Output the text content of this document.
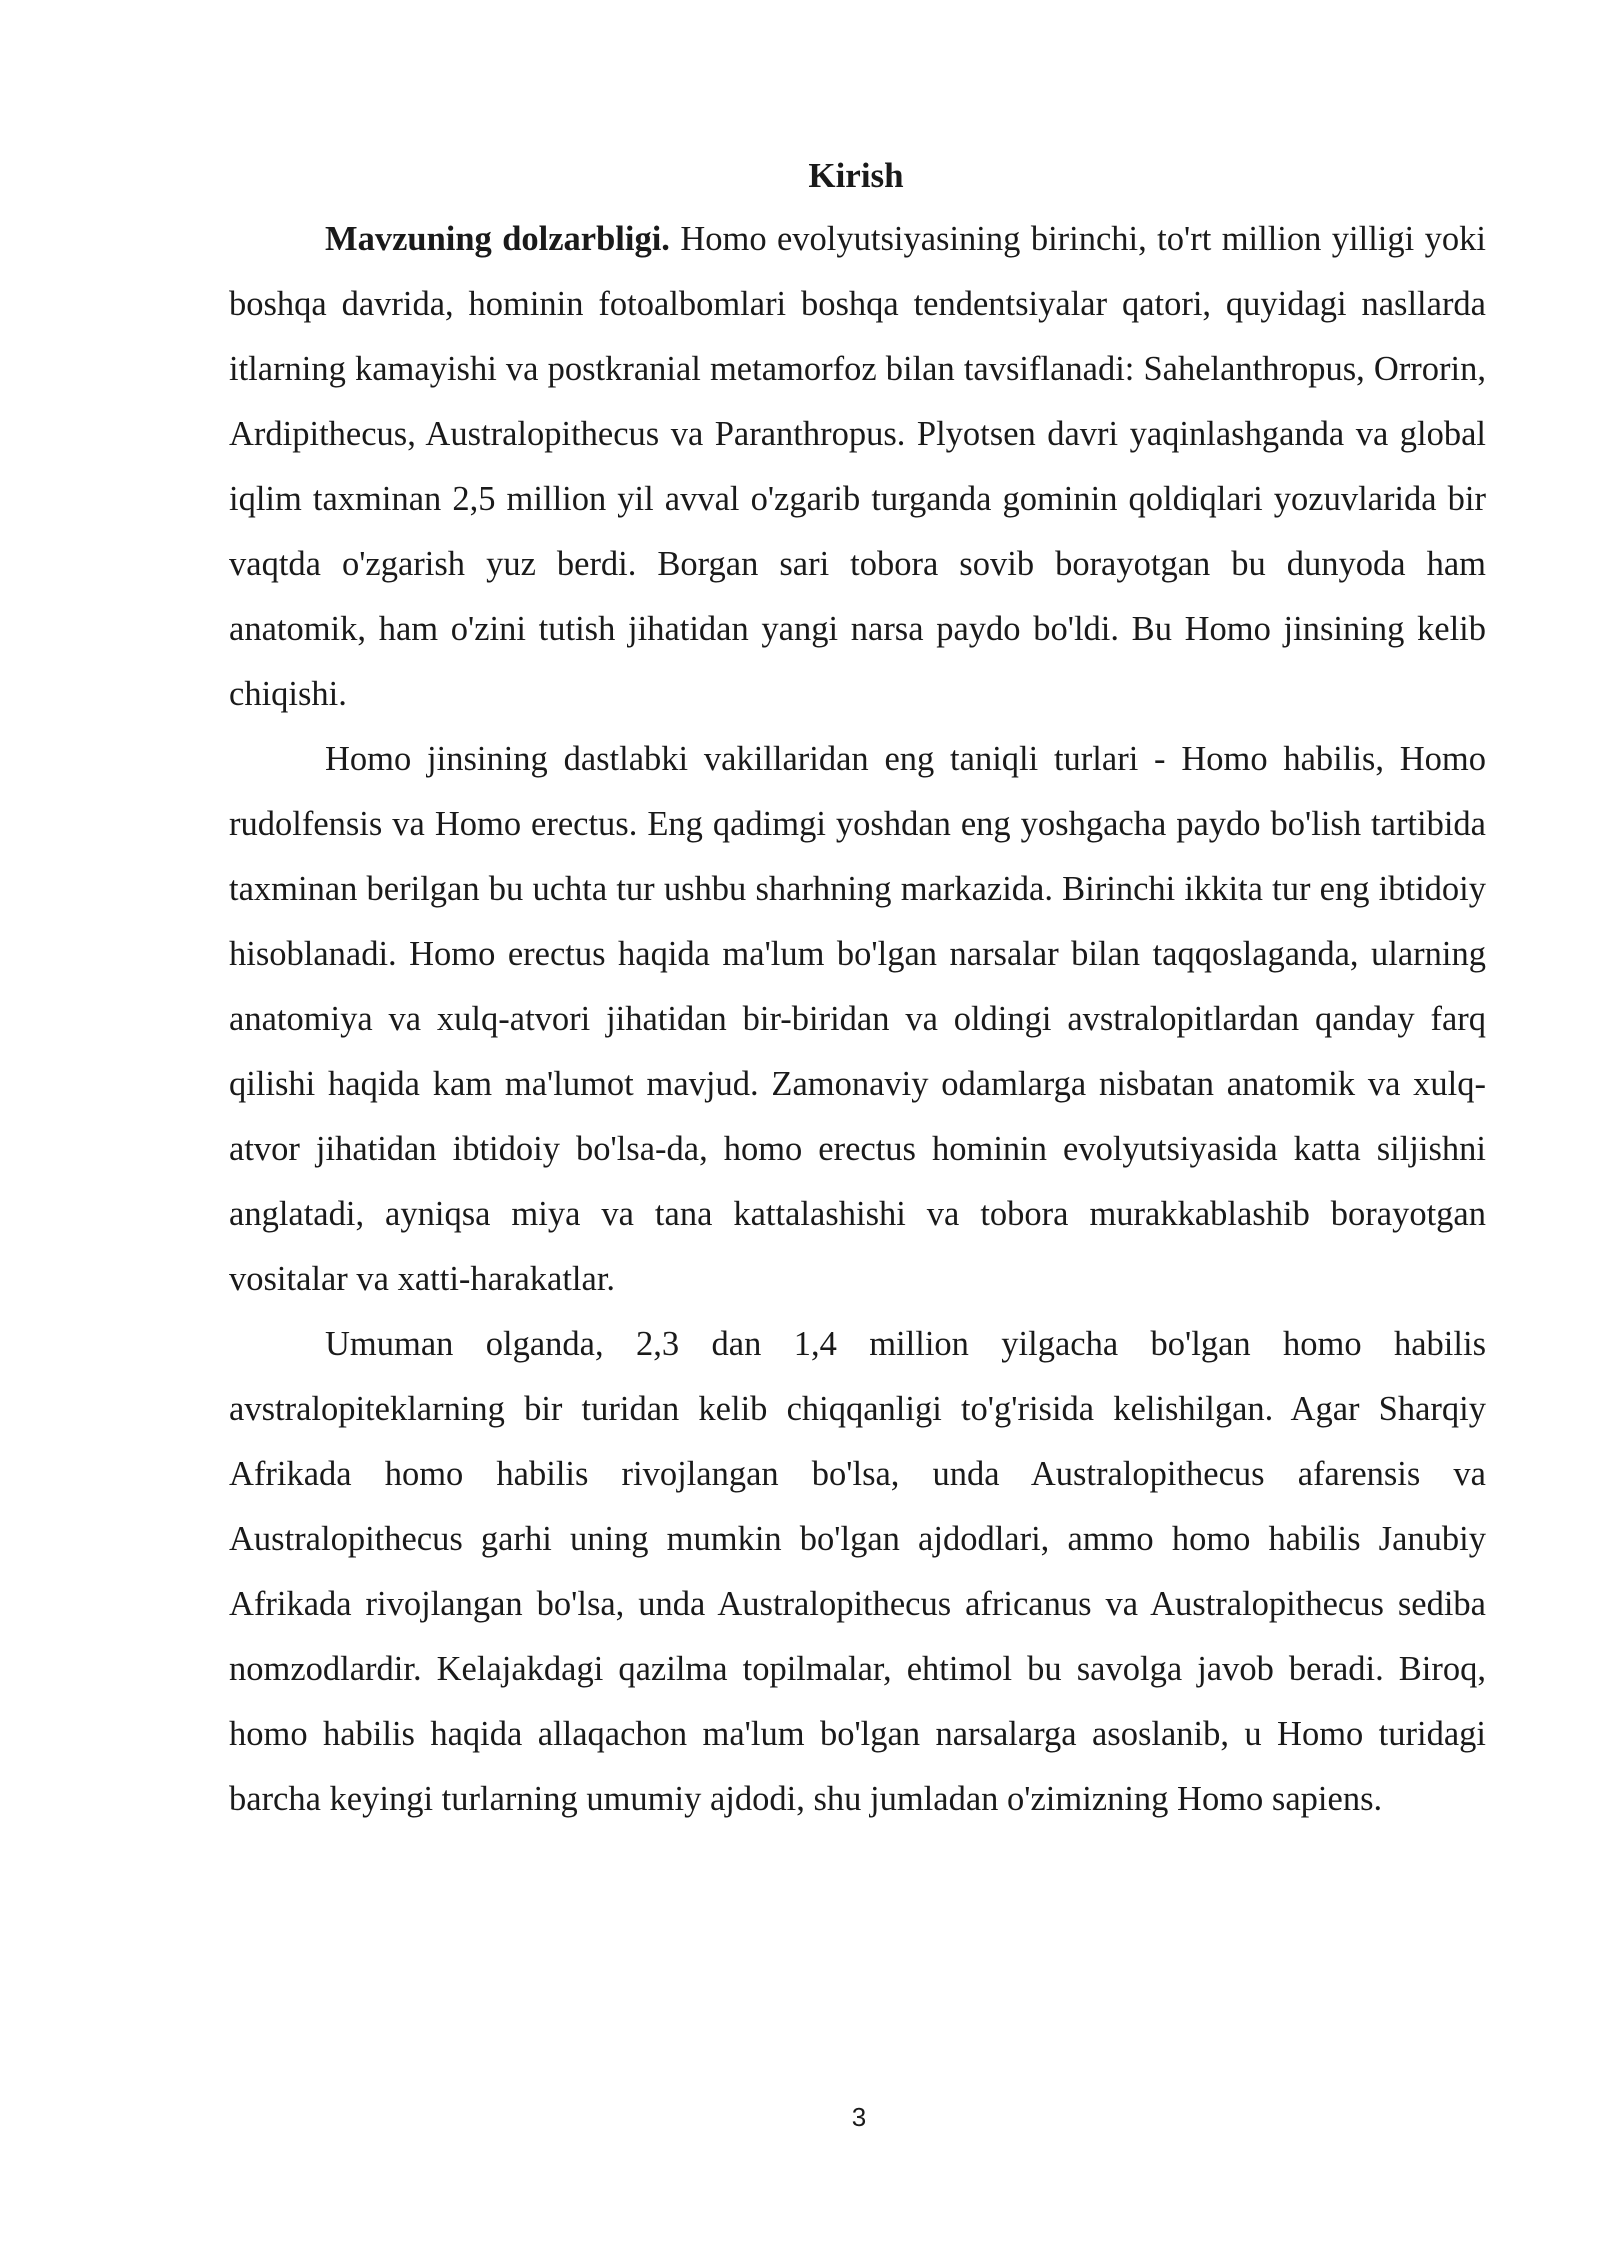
Kirish

Mavzuning dolzarbligi. Homo evolyutsiyasining birinchi, to'rt million yilligi yoki boshqa davrida, hominin fotoalbomlari boshqa tendentsiyalar qatori, quyidagi nasllarda itlarning kamayishi va postkranial metamorfoz bilan tavsiflanadi: Sahelanthropus, Orrorin, Ardipithecus, Australopithecus va Paranthropus. Plyotsen davri yaqinlashganda va global iqlim taxminan 2,5 million yil avval o'zgarib turganda gominin qoldiqlari yozuvlarida bir vaqtda o'zgarish yuz berdi. Borgan sari tobora sovib borayotgan bu dunyoda ham anatomik, ham o'zini tutish jihatidan yangi narsa paydo bo'ldi. Bu Homo jinsining kelib chiqishi.

Homo jinsining dastlabki vakillaridan eng taniqli turlari - Homo habilis, Homo rudolfensis va Homo erectus. Eng qadimgi yoshdan eng yoshgacha paydo bo'lish tartibida taxminan berilgan bu uchta tur ushbu sharhning markazida. Birinchi ikkita tur eng ibtidoiy hisoblanadi. Homo erectus haqida ma'lum bo'lgan narsalar bilan taqqoslaganda, ularning anatomiya va xulq-atvori jihatidan bir-biridan va oldingi avstralopitlardan qanday farq qilishi haqida kam ma'lumot mavjud. Zamonaviy odamlarga nisbatan anatomik va xulq-atvor jihatidan ibtidoiy bo'lsa-da, homo erectus hominin evolyutsiyasida katta siljishni anglatadi, ayniqsa miya va tana kattalashishi va tobora murakkablashib borayotgan vositalar va xatti-harakatlar.

Umuman olganda, 2,3 dan 1,4 million yilgacha bo'lgan homo habilis avstralopiteklarning bir turidan kelib chiqqanligi to'g'risida kelishilgan. Agar Sharqiy Afrikada homo habilis rivojlangan bo'lsa, unda Australopithecus afarensis va Australopithecus garhi uning mumkin bo'lgan ajdodlari, ammo homo habilis Janubiy Afrikada rivojlangan bo'lsa, unda Australopithecus africanus va Australopithecus sediba nomzodlardir. Kelajakdagi qazilma topilmalar, ehtimol bu savolga javob beradi. Biroq, homo habilis haqida allaqachon ma'lum bo'lgan narsalarga asoslanib, u Homo turidagi barcha keyingi turlarning umumiy ajdodi, shu jumladan o'zimizning Homo sapiens.

3
